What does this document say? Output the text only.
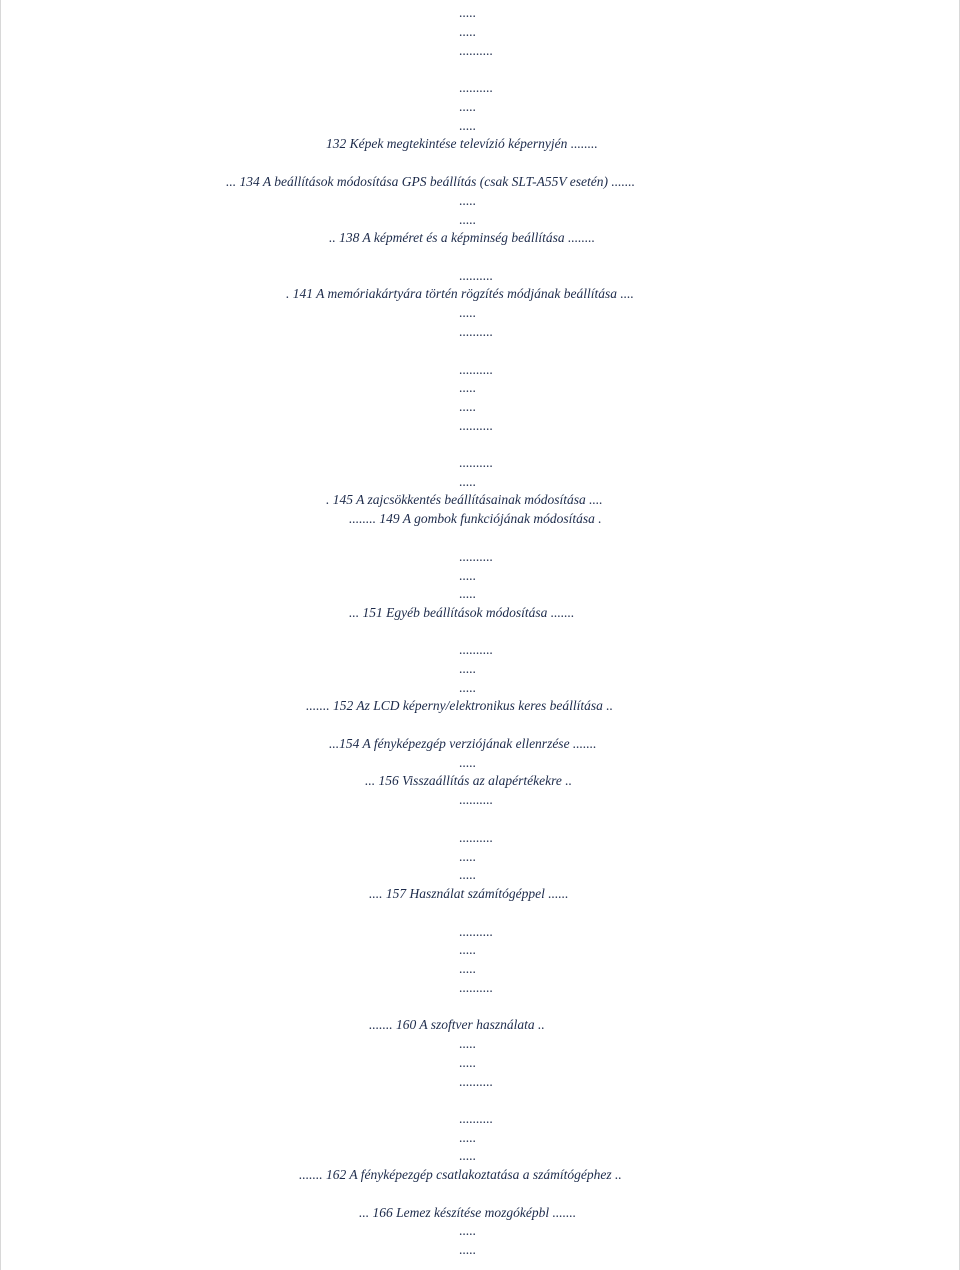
.....
.....
..........
..........
.....
.....
132 Képek megtekintése televízió képernyjén ........
... 134 A beállítások módosítása GPS beállítás (csak SLT-A55V esetén) .......
.....
.....
.. 138 A képméret és a képminség beállítása ........
..........
. 141 A memóriakártyára történ rögzítés módjának beállítása ....
.....
..........
..........
.....
.....
..........
..........
.....
. 145 A zajcsökkentés beállításainak módosítása ....
........ 149 A gombok funkciójának módosítása .
..........
.....
.....
... 151 Egyéb beállítások módosítása .......
..........
.....
.....
....... 152 Az LCD képerny/elektronikus keres beállítása ..
...154 A fényképezgép verziójának ellenrzése .......
.....
... 156 Visszaállítás az alapértékekre ..
..........
..........
.....
.....
.... 157 Használat számítógéppel ......
..........
.....
.....
..........
....... 160 A szoftver használata ..
.....
.....
..........
..........
.....
.....
....... 162 A fényképezgép csatlakoztatása a számítógéphez ..
... 166 Lemez készítése mozgóképbl .......
.....
.....
